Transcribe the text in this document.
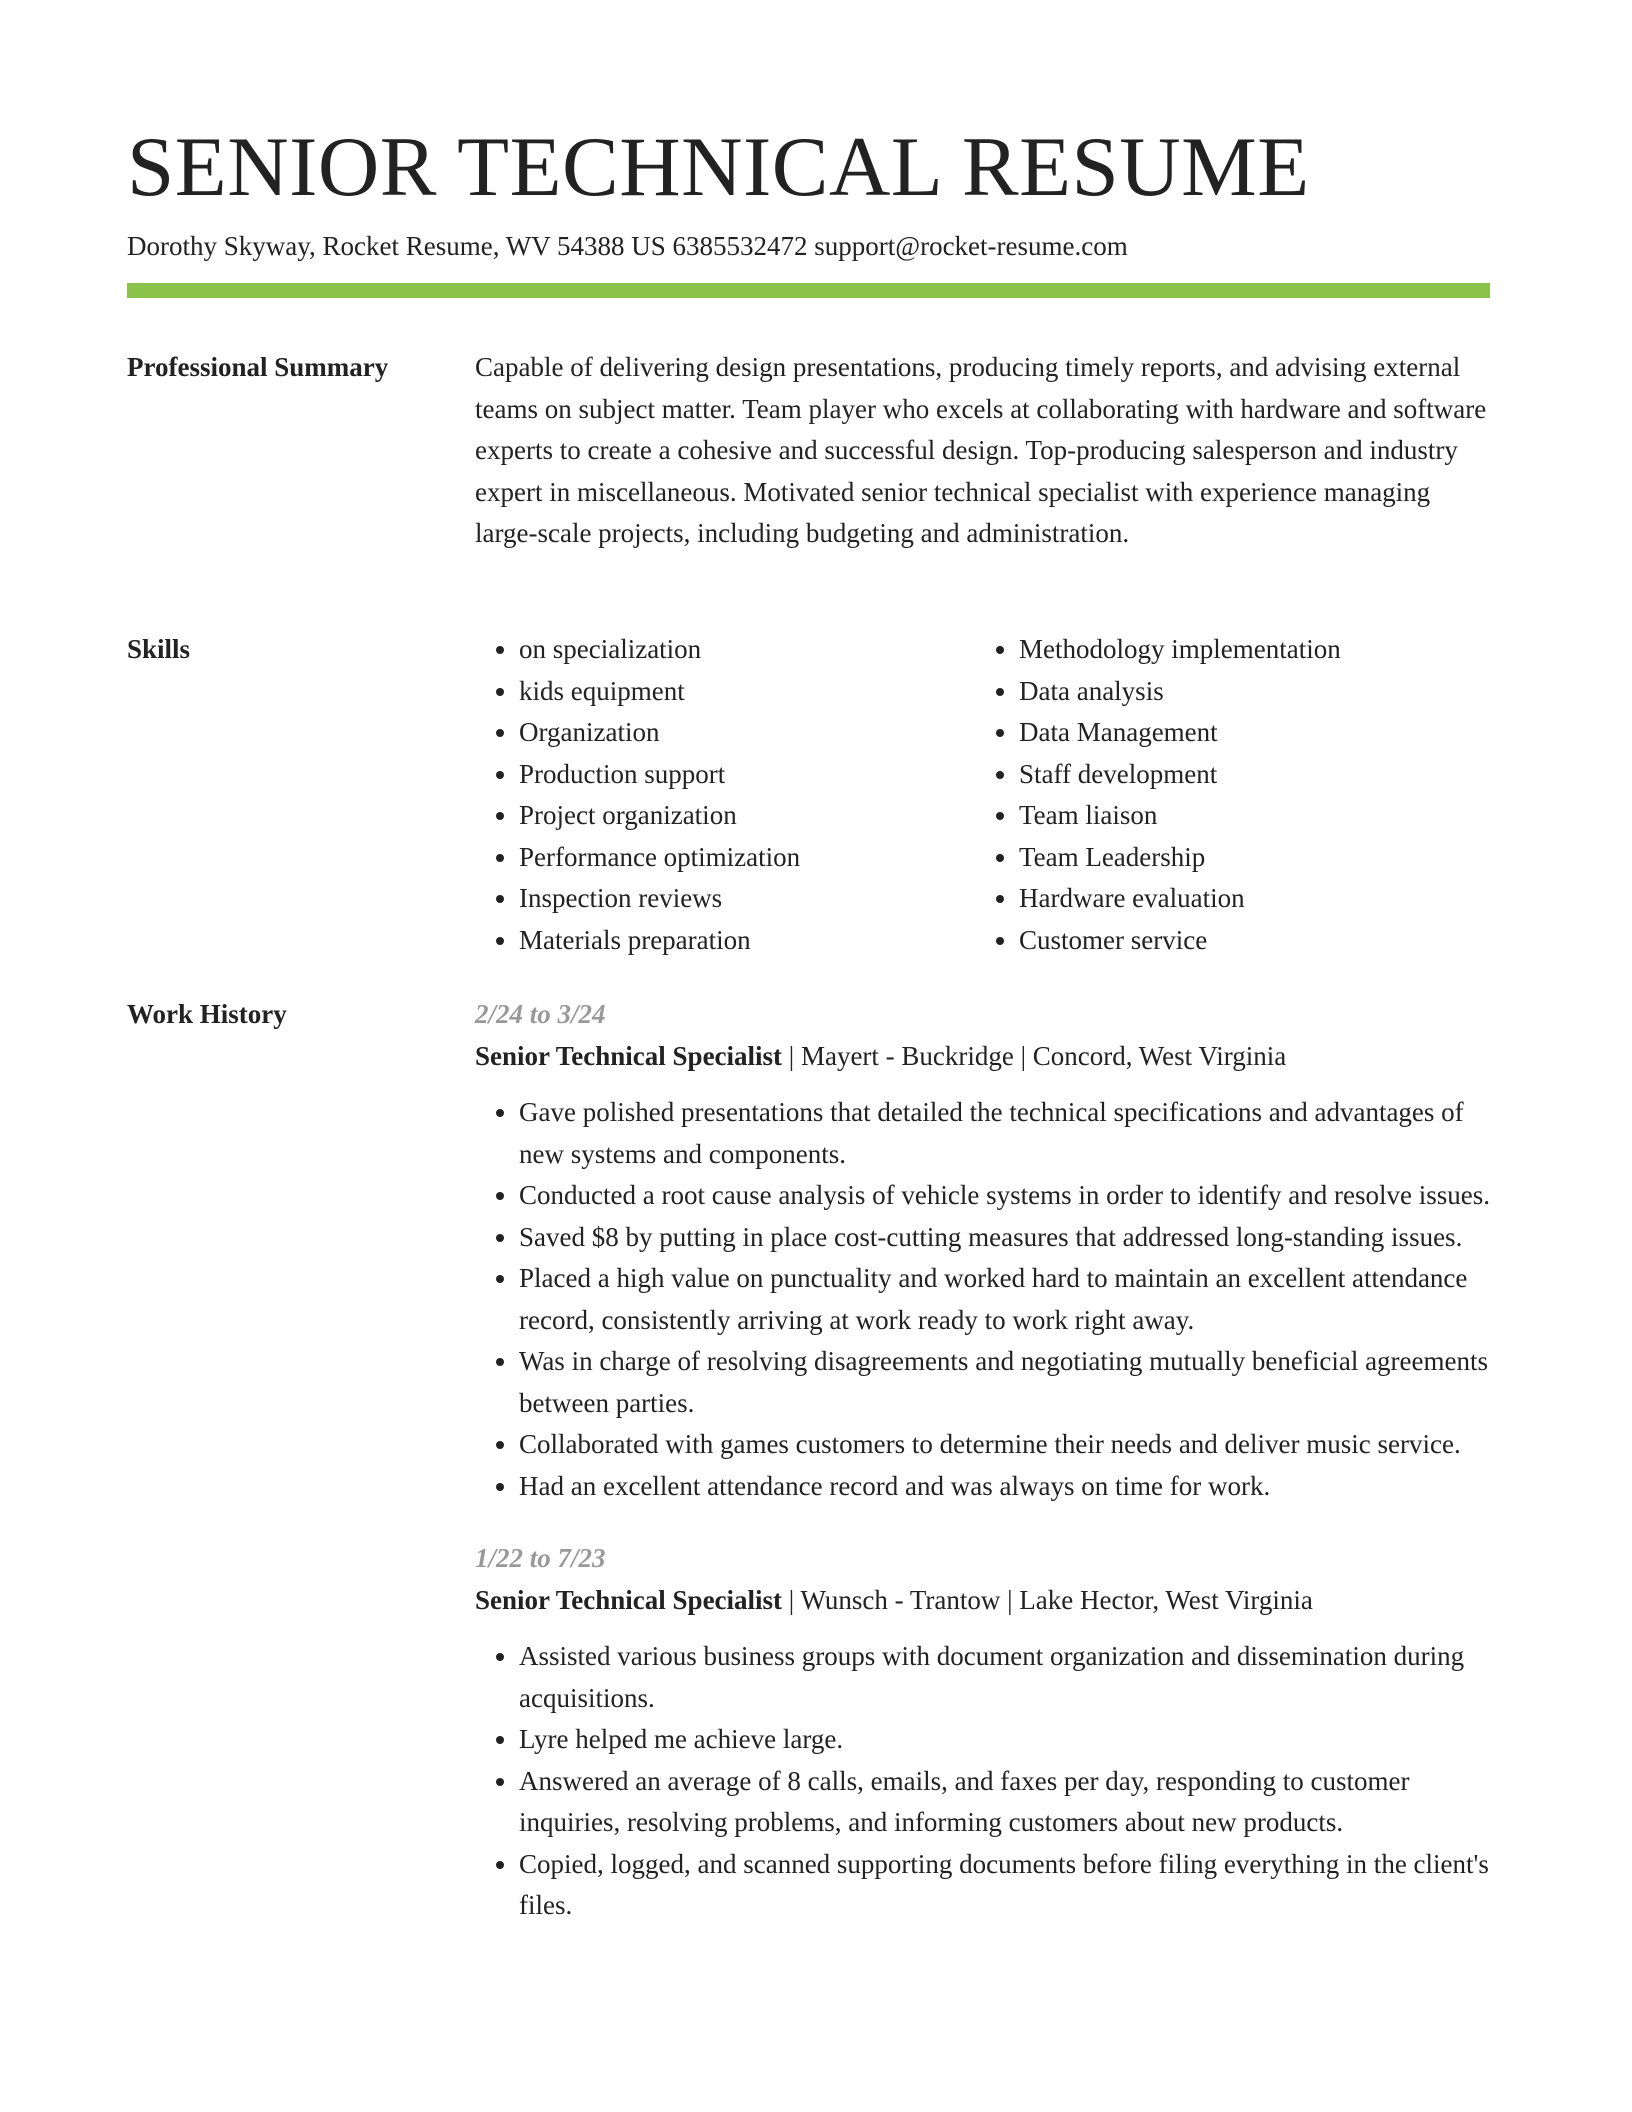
SENIOR TECHNICAL RESUME
Dorothy Skyway, Rocket Resume, WV 54388 US 6385532472 support@rocket-resume.com
Professional Summary	Capable of delivering design presentations, producing timely reports, and advising external teams on subject matter. Team player who excels at collaborating with hardware and software experts to create a cohesive and successful design. Top-producing salesperson and industry expert in miscellaneous. Motivated senior technical specialist with experience managing large-scale projects, including budgeting and administration.

Skills
•	on specialization
• kids equipment
• Organization
• Production support
• Project organization
• Performance optimization
• Inspection reviews
• Materials preparation
• Methodology implementation
• Data analysis
• Data Management
• Staff development
• Team liaison
• Team Leadership
• Hardware evaluation
• Customer service
Work History	2/24 to 3/24
Senior Technical Specialist | Mayert - Buckridge | Concord, West Virginia
• Gave polished presentations that detailed the technical specifications and advantages of new systems and components.
• Conducted a root cause analysis of vehicle systems in order to identify and resolve issues.
• Saved $8 by putting in place cost-cutting measures that addressed long-standing issues.
• Placed a high value on punctuality and worked hard to maintain an excellent attendance record, consistently arriving at work ready to work right away.
• Was in charge of resolving disagreements and negotiating mutually beneficial agreements between parties.
• Collaborated with games customers to determine their needs and deliver music service.
• Had an excellent attendance record and was always on time for work.
1/22 to 7/23
Senior Technical Specialist | Wunsch - Trantow | Lake Hector, West Virginia
• Assisted various business groups with document organization and dissemination during acquisitions.
• Lyre helped me achieve large.
• Answered an average of 8 calls, emails, and faxes per day, responding to customer inquiries, resolving problems, and informing customers about new products.
• Copied, logged, and scanned supporting documents before filing everything in the client's files.
